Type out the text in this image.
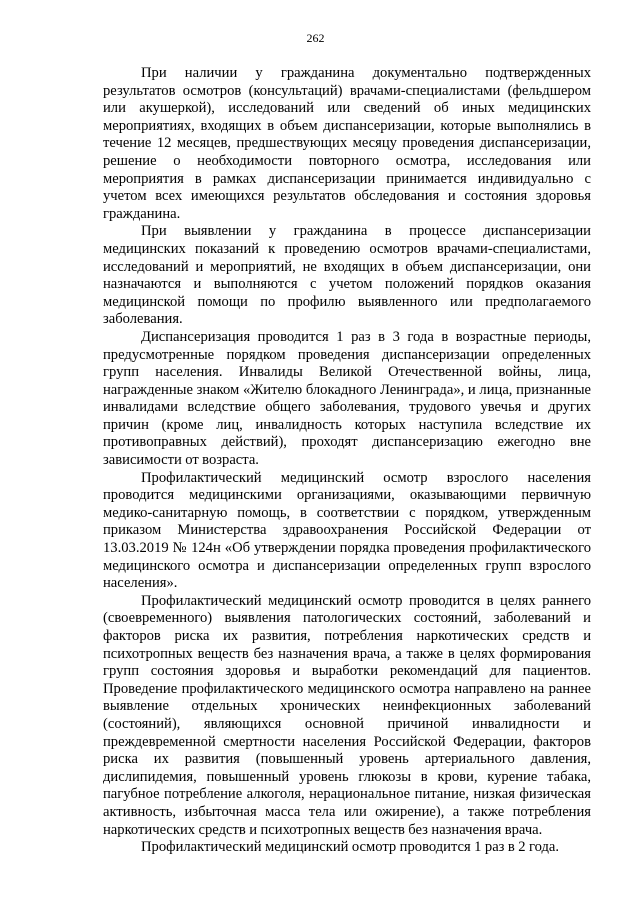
262

При наличии у гражданина документально подтвержденных результатов осмотров (консультаций) врачами-специалистами (фельдшером или акушеркой), исследований или сведений об иных медицинских мероприятиях, входящих в объем диспансеризации, которые выполнялись в течение 12 месяцев, предшествующих месяцу проведения диспансеризации, решение о необходимости повторного осмотра, исследования или мероприятия в рамках диспансеризации принимается индивидуально с учетом всех имеющихся результатов обследования и состояния здоровья гражданина.

При выявлении у гражданина в процессе диспансеризации медицинских показаний к проведению осмотров врачами-специалистами, исследований и мероприятий, не входящих в объем диспансеризации, они назначаются и выполняются с учетом положений порядков оказания медицинской помощи по профилю выявленного или предполагаемого заболевания.

Диспансеризация проводится 1 раз в 3 года в возрастные периоды, предусмотренные порядком проведения диспансеризации определенных групп населения. Инвалиды Великой Отечественной войны, лица, награжденные знаком «Жителю блокадного Ленинграда», и лица, признанные инвалидами вследствие общего заболевания, трудового увечья и других причин (кроме лиц, инвалидность которых наступила вследствие их противоправных действий), проходят диспансеризацию ежегодно вне зависимости от возраста.

Профилактический медицинский осмотр взрослого населения проводится медицинскими организациями, оказывающими первичную медико-санитарную помощь, в соответствии с порядком, утвержденным приказом Министерства здравоохранения Российской Федерации от 13.03.2019 № 124н «Об утверждении порядка проведения профилактического медицинского осмотра и диспансеризации определенных групп взрослого населения».

Профилактический медицинский осмотр проводится в целях раннего (своевременного) выявления патологических состояний, заболеваний и факторов риска их развития, потребления наркотических средств и психотропных веществ без назначения врача, а также в целях формирования групп состояния здоровья и выработки рекомендаций для пациентов. Проведение профилактического медицинского осмотра направлено на раннее выявление отдельных хронических неинфекционных заболеваний (состояний), являющихся основной причиной инвалидности и преждевременной смертности населения Российской Федерации, факторов риска их развития (повышенный уровень артериального давления, дислипидемия, повышенный уровень глюкозы в крови, курение табака, пагубное потребление алкоголя, нерациональное питание, низкая физическая активность, избыточная масса тела или ожирение), а также потребления наркотических средств и психотропных веществ без назначения врача.

Профилактический медицинский осмотр проводится 1 раз в 2 года.
